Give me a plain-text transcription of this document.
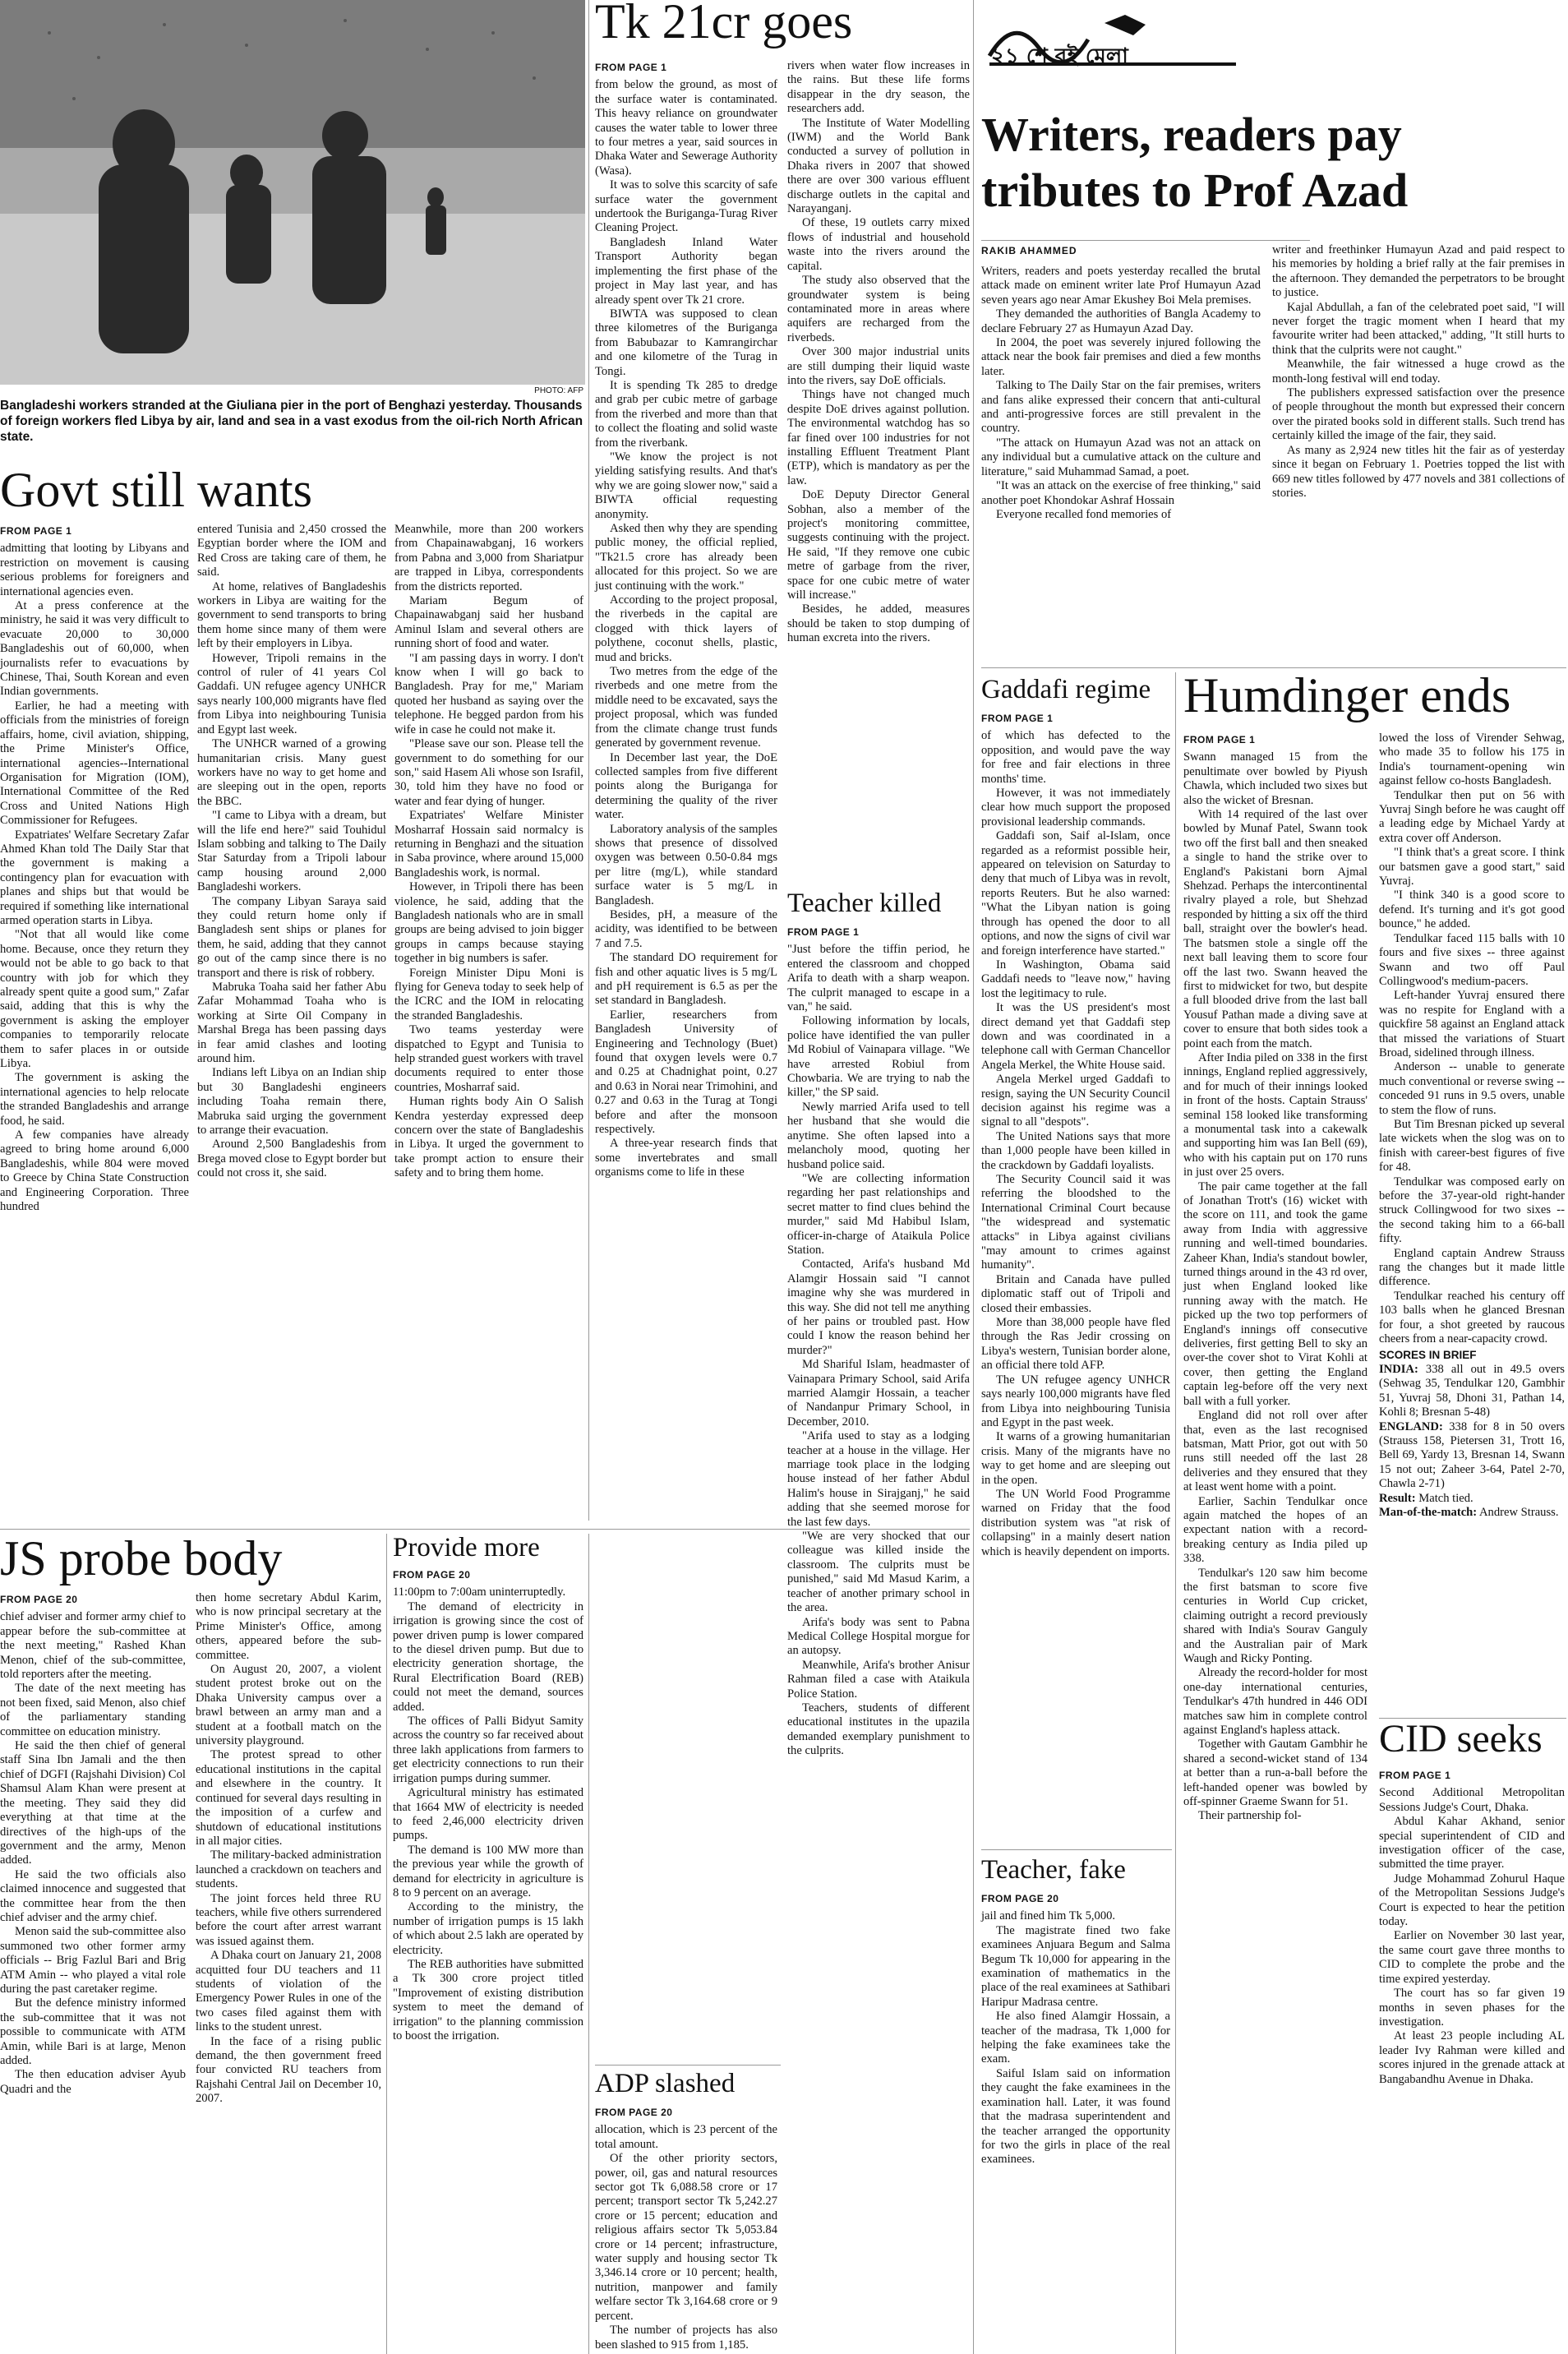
PHOTO: AFP
Bangladeshi workers stranded at the Giuliana pier in the port of Benghazi yesterday. Thousands of foreign workers fled Libya by air, land and sea in a vast exodus from the oil-rich North African state.
Govt still wants
FROM PAGE 1

admitting that looting by Libyans and restriction on movement is causing serious problems for foreigners and international agencies even.

At a press conference at the ministry, he said it was very difficult to evacuate 20,000 to 30,000 Bangladeshis out of 60,000, when journalists refer to evacuations by Chinese, Thai, South Korean and even Indian governments.

Earlier, he had a meeting with officials from the ministries of foreign affairs, home, civil aviation, shipping, the Prime Minister's Office, international agencies--International Organisation for Migration (IOM), International Committee of the Red Cross and United Nations High Commissioner for Refugees.

Expatriates' Welfare Secretary Zafar Ahmed Khan told The Daily Star that the government is making a contingency plan for evacuation with planes and ships but that would be required if something like international armed operation starts in Libya.

"Not that all would like come home. Because, once they return they would not be able to go back to that country with job for which they already spent quite a good sum," Zafar said, adding that this is why the government is asking the employer companies to temporarily relocate them to safer places in or outside Libya.

The government is asking the international agencies to help relocate the stranded Bangladeshis and arrange food, he said.

A few companies have already agreed to bring home around 6,000 Bangladeshis, while 804 were moved to Greece by China State Construction and Engineering Corporation. Three hundred

entered Tunisia and 2,450 crossed the Egyptian border where the IOM and Red Cross are taking care of them, he said.

At home, relatives of Bangladeshis workers in Libya are waiting for the government to send transports to bring them home since many of them were left by their employers in Libya.

However, Tripoli remains in the control of ruler of 41 years Col Gaddafi. UN refugee agency UNHCR says nearly 100,000 migrants have fled from Libya into neighbouring Tunisia and Egypt last week.

The UNHCR warned of a growing humanitarian crisis. Many guest workers have no way to get home and are sleeping out in the open, reports the BBC.

"I came to Libya with a dream, but will the life end here?" said Touhidul Islam sobbing and talking to The Daily Star Saturday from a Tripoli labour camp housing around 2,000 Bangladeshi workers.

The company Libyan Saraya said they could return home only if Bangladesh sent ships or planes for them, he said, adding that they cannot go out of the camp since there is no transport and there is risk of robbery.

Mabruka Toaha said her father Abu Zafar Mohammad Toaha who is working at Sirte Oil Company in Marshal Brega has been passing days in fear amid clashes and looting around him.

Indians left Libya on an Indian ship but 30 Bangladeshi engineers including Toaha remain there, Mabruka said urging the government to arrange their evacuation.

Around 2,500 Bangladeshis from Brega moved close to Egypt border but could not cross it, she said.

Meanwhile, more than 200 workers from Chapainawabganj, 16 workers from Pabna and 3,000 from Shariatpur are trapped in Libya, correspondents from the districts reported.

Mariam Begum of Chapainawabganj said her husband Aminul Islam and several others are running short of food and water.

"I am passing days in worry. I don't know when I will go back to Bangladesh. Pray for me," Mariam quoted her husband as saying over the telephone. He begged pardon from his wife in case he could not make it.

"Please save our son. Please tell the government to do something for our son," said Hasem Ali whose son Israfil, 30, told him they have no food or water and fear dying of hunger.

Expatriates' Welfare Minister Mosharraf Hossain said normalcy is returning in Benghazi and the situation in Saba province, where around 15,000 Bangladeshis work, is normal.

However, in Tripoli there has been violence, he said, adding that the Bangladesh nationals who are in small groups are being advised to join bigger groups in camps because staying together in big numbers is safer.

Foreign Minister Dipu Moni is flying for Geneva today to seek help of the ICRC and the IOM in relocating the stranded Bangladeshis.

Two teams yesterday were dispatched to Egypt and Tunisia to help stranded guest workers with travel documents required to enter those countries, Mosharraf said.

Human rights body Ain O Salish Kendra yesterday expressed deep concern over the state of Bangladeshis in Libya. It urged the government to take prompt action to ensure their safety and to bring them home.

Tk 21cr goes
FROM PAGE 1

from below the ground, as most of the surface water is contaminated. This heavy reliance on groundwater causes the water table to lower three to four metres a year, said sources in Dhaka Water and Sewerage Authority (Wasa).

It was to solve this scarcity of safe surface water the government undertook the Buriganga-Turag River Cleaning Project.

Bangladesh Inland Water Transport Authority began implementing the first phase of the project in May last year, and has already spent over Tk 21 crore.

BIWTA was supposed to clean three kilometres of the Buriganga from Babubazar to Kamrangirchar and one kilometre of the Turag in Tongi.

It is spending Tk 285 to dredge and grab per cubic metre of garbage from the riverbed and more than that to collect the floating and solid waste from the riverbank.

"We know the project is not yielding satisfying results. And that's why we are going slower now," said a BIWTA official requesting anonymity.

Asked then why they are spending public money, the official replied, "Tk21.5 crore has already been allocated for this project. So we are just continuing with the work."

According to the project proposal, the riverbeds in the capital are clogged with thick layers of polythene, coconut shells, plastic, mud and bricks.

Two metres from the edge of the riverbeds and one metre from the middle need to be excavated, says the project proposal, which was funded from the climate change trust funds generated by government revenue.

In December last year, the DoE collected samples from five different points along the Buriganga for determining the quality of the river water.

Laboratory analysis of the samples shows that presence of dissolved oxygen was between 0.50-0.84 mgs per litre (mg/L), while standard surface water is 5 mg/L in Bangladesh.

Besides, pH, a measure of the acidity, was identified to be between 7 and 7.5.

The standard DO requirement for fish and other aquatic lives is 5 mg/L and pH requirement is 6.5 as per the set standard in Bangladesh.

Earlier, researchers from Bangladesh University of Engineering and Technology (Buet) found that oxygen levels were 0.7 and 0.25 at Chadnighat point, 0.27 and 0.63 in Norai near Trimohini, and 0.27 and 0.63 in the Turag at Tongi before and after the monsoon respectively.

A three-year research finds that some invertebrates and small organisms come to life in these

rivers when water flow increases in the rains. But these life forms disappear in the dry season, the researchers add.

The Institute of Water Modelling (IWM) and the World Bank conducted a survey of pollution in Dhaka rivers in 2007 that showed there are over 300 various effluent discharge outlets in the capital and Narayanganj.

Of these, 19 outlets carry mixed flows of industrial and household waste into the rivers around the capital.

The study also observed that the groundwater system is being contaminated more in areas where aquifers are recharged from the riverbeds.

Over 300 major industrial units are still dumping their liquid waste into the rivers, say DoE officials.

Things have not changed much despite DoE drives against pollution. The environmental watchdog has so far fined over 100 industries for not installing Effluent Treatment Plant (ETP), which is mandatory as per the law.

DoE Deputy Director General Sobhan, also a member of the project's monitoring committee, suggests continuing with the project. He said, "If they remove one cubic metre of garbage from the river, space for one cubic metre of water will increase."

Besides, he added, measures should be taken to stop dumping of human excreta into the rivers.

Teacher killed
FROM PAGE 1

"Just before the tiffin period, he entered the classroom and chopped Arifa to death with a sharp weapon. The culprit managed to escape in a van," he said.

Following information by locals, police have identified the van puller Md Robiul of Vainapara village. "We have arrested Robiul from Chowbaria. We are trying to nab the killer," the SP said.

Newly married Arifa used to tell her husband that she would die anytime. She often lapsed into a melancholy mood, quoting her husband police said.

"We are collecting information regarding her past relationships and secret matter to find clues behind the murder," said Md Habibul Islam, officer-in-charge of Ataikula Police Station.

Contacted, Arifa's husband Md Alamgir Hossain said "I cannot imagine why she was murdered in this way. She did not tell me anything of her pains or troubled past. How could I know the reason behind her murder?"

Md Shariful Islam, headmaster of Vainapara Primary School, said Arifa married Alamgir Hossain, a teacher of Nandanpur Primary School, in December, 2010.

"Arifa used to stay as a lodging teacher at a house in the village. Her marriage took place in the lodging house instead of her father Abdul Halim's house in Sirajganj," he said adding that she seemed morose for the last few days.

"We are very shocked that our colleague was killed inside the classroom. The culprits must be punished," said Md Masud Karim, a teacher of another primary school in the area.

Arifa's body was sent to Pabna Medical College Hospital morgue for an autopsy.

Meanwhile, Arifa's brother Anisur Rahman filed a case with Ataikula Police Station.

Teachers, students of different educational institutes in the upazila demanded exemplary punishment to the culprits.

২১ শে বই মেলা
Writers, readers pay
tributes to Prof Azad
RAKIB AHAMMED

Writers, readers and poets yesterday recalled the brutal attack made on eminent writer late Prof Humayun Azad seven years ago near Amar Ekushey Boi Mela premises.

They demanded the authorities of Bangla Academy to declare February 27 as Humayun Azad Day.

In 2004, the poet was severely injured following the attack near the book fair premises and died a few months later.

Talking to The Daily Star on the fair premises, writers and fans alike expressed their concern that anti-cultural and anti-progressive forces are still prevalent in the country.

"The attack on Humayun Azad was not an attack on any individual but a cumulative attack on the culture and literature," said Muhammad Samad, a poet.

"It was an attack on the exercise of free thinking," said another poet Khondokar Ashraf Hossain

Everyone recalled fond memories of

writer and freethinker Humayun Azad and paid respect to his memories by holding a brief rally at the fair premises in the afternoon. They demanded the perpetrators to be brought to justice.

Kajal Abdullah, a fan of the celebrated poet said, "I will never forget the tragic moment when I heard that my favourite writer had been attacked," adding, "It still hurts to think that the culprits were not caught."

Meanwhile, the fair witnessed a huge crowd as the month-long festival will end today.

The publishers expressed satisfaction over the presence of people throughout the month but expressed their concern over the pirated books sold in different stalls. Such trend has certainly killed the image of the fair, they said.

As many as 2,924 new titles hit the fair as of yesterday since it began on February 1. Poetries topped the list with 669 new titles followed by 477 novels and 381 collections of stories.

Gaddafi regime
FROM PAGE 1

of which has defected to the opposition, and would pave the way for free and fair elections in three months' time.

However, it was not immediately clear how much support the proposed provisional leadership commands.

Gaddafi son, Saif al-Islam, once regarded as a reformist possible heir, appeared on television on Saturday to deny that much of Libya was in revolt, reports Reuters. But he also warned: "What the Libyan nation is going through has opened the door to all options, and now the signs of civil war and foreign interference have started."

In Washington, Obama said Gaddafi needs to "leave now," having lost the legitimacy to rule.

It was the US president's most direct demand yet that Gaddafi step down and was coordinated in a telephone call with German Chancellor Angela Merkel, the White House said.

Angela Merkel urged Gaddafi to resign, saying the UN Security Council decision against his regime was a signal to all "despots".

The United Nations says that more than 1,000 people have been killed in the crackdown by Gaddafi loyalists.

The Security Council said it was referring the bloodshed to the International Criminal Court because "the widespread and systematic attacks" in Libya against civilians "may amount to crimes against humanity".

Britain and Canada have pulled diplomatic staff out of Tripoli and closed their embassies.

More than 38,000 people have fled through the Ras Jedir crossing on Libya's western, Tunisian border alone, an official there told AFP.

The UN refugee agency UNHCR says nearly 100,000 migrants have fled from Libya into neighbouring Tunisia and Egypt in the past week.

It warns of a growing humanitarian crisis. Many of the migrants have no way to get home and are sleeping out in the open.

The UN World Food Programme warned on Friday that the food distribution system was "at risk of collapsing" in a mainly desert nation which is heavily dependent on imports.

Teacher, fake
FROM PAGE 20

jail and fined him Tk 5,000.

The magistrate fined two fake examinees Anjuara Begum and Salma Begum Tk 10,000 for appearing in the examination of mathematics in the place of the real examinees at Sathibari Haripur Madrasa centre.

He also fined Alamgir Hossain, a teacher of the madrasa, Tk 1,000 for helping the fake examinees take the exam.

Saiful Islam said on information they caught the fake examinees in the examination hall. Later, it was found that the madrasa superintendent and the teacher arranged the opportunity for two the girls in place of the real examinees.

Humdinger ends
FROM PAGE 1

Swann managed 15 from the penultimate over bowled by Piyush Chawla, which included two sixes but also the wicket of Bresnan.

With 14 required of the last over bowled by Munaf Patel, Swann took two off the first ball and then sneaked a single to hand the strike over to England's Pakistani born Ajmal Shehzad. Perhaps the intercontinental rivalry played a role, but Shehzad responded by hitting a six off the third ball, straight over the bowler's head. The batsmen stole a single off the next ball leaving them to score four off the last two. Swann heaved the first to midwicket for two, but despite a full blooded drive from the last ball Yousuf Pathan made a diving save at cover to ensure that both sides took a point each from the match.

After India piled on 338 in the first innings, England replied aggressively, and for much of their innings looked in front of the hosts. Captain Strauss' seminal 158 looked like transforming a monumental task into a cakewalk and supporting him was Ian Bell (69), who with his captain put on 170 runs in just over 25 overs.

The pair came together at the fall of Jonathan Trott's (16) wicket with the score on 111, and took the game away from India with aggressive running and well-timed boundaries. Zaheer Khan, India's standout bowler, turned things around in the 43 rd over, just when England looked like running away with the match. He picked up the two top performers of England's innings off consecutive deliveries, first getting Bell to sky an over-the cover shot to Virat Kohli at cover, then getting the England captain leg-before off the very next ball with a full yorker.

England did not roll over after that, even as the last recognised batsman, Matt Prior, got out with 50 runs still needed off the last 28 deliveries and they ensured that they at least went home with a point.

Earlier, Sachin Tendulkar once again matched the hopes of an expectant nation with a record-breaking century as India piled up 338.

Tendulkar's 120 saw him become the first batsman to score five centuries in World Cup cricket, claiming outright a record previously shared with India's Sourav Ganguly and the Australian pair of Mark Waugh and Ricky Ponting.

Already the record-holder for most one-day international centuries, Tendulkar's 47th hundred in 446 ODI matches saw him in complete control against England's hapless attack.

Together with Gautam Gambhir he shared a second-wicket stand of 134 at better than a run-a-ball before the left-handed opener was bowled by off-spinner Graeme Swann for 51.

Their partnership fol-

lowed the loss of Virender Sehwag, who made 35 to follow his 175 in India's tournament-opening win against fellow co-hosts Bangladesh.

Tendulkar then put on 56 with Yuvraj Singh before he was caught off a leading edge by Michael Yardy at extra cover off Anderson.

"I think that's a great score. I think our batsmen gave a good start," said Yuvraj.

"I think 340 is a good score to defend. It's turning and it's got good bounce," he added.

Tendulkar faced 115 balls with 10 fours and five sixes -- three against Swann and two off Paul Collingwood's medium-pacers.

Left-hander Yuvraj ensured there was no respite for England with a quickfire 58 against an England attack that missed the variations of Stuart Broad, sidelined through illness.

Anderson -- unable to generate much conventional or reverse swing -- conceded 91 runs in 9.5 overs, unable to stem the flow of runs.

But Tim Bresnan picked up several late wickets when the slog was on to finish with career-best figures of five for 48.

Tendulkar was composed early on before the 37-year-old right-hander struck Collingwood for two sixes -- the second taking him to a 66-ball fifty.

England captain Andrew Strauss rang the changes but it made little difference.

Tendulkar reached his century off 103 balls when he glanced Bresnan for four, a shot greeted by raucous cheers from a near-capacity crowd.

SCORES IN BRIEF

INDIA: 338 all out in 49.5 overs (Sehwag 35, Tendulkar 120, Gambhir 51, Yuvraj 58, Dhoni 31, Pathan 14, Kohli 8; Bresnan 5-48)

ENGLAND: 338 for 8 in 50 overs (Strauss 158, Pietersen 31, Trott 16, Bell 69, Yardy 13, Bresnan 14, Swann 15 not out; Zaheer 3-64, Patel 2-70, Chawla 2-71)

Result: Match tied.

Man-of-the-match: Andrew Strauss.

CID seeks
FROM PAGE 1

Second Additional Metropolitan Sessions Judge's Court, Dhaka.

Abdul Kahar Akhand, senior special superintendent of CID and investigation officer of the case, submitted the time prayer.

Judge Mohammad Zohurul Haque of the Metropolitan Sessions Judge's Court is expected to hear the petition today.

Earlier on November 30 last year, the same court gave three months to CID to complete the probe and the time expired yesterday.

The court has so far given 19 months in seven phases for the investigation.

At least 23 people including AL leader Ivy Rahman were killed and scores injured in the grenade attack at Bangabandhu Avenue in Dhaka.

JS probe body
FROM PAGE 20

chief adviser and former army chief to appear before the sub-committee at the next meeting," Rashed Khan Menon, chief of the sub-committee, told reporters after the meeting.

The date of the next meeting has not been fixed, said Menon, also chief of the parliamentary standing committee on education ministry.

He said the then chief of general staff Sina Ibn Jamali and the then chief of DGFI (Rajshahi Division) Col Shamsul Alam Khan were present at the meeting. They said they did everything at that time at the directives of the high-ups of the government and the army, Menon added.

He said the two officials also claimed innocence and suggested that the committee hear from the then chief adviser and the army chief.

Menon said the sub-committee also summoned two other former army officials -- Brig Fazlul Bari and Brig ATM Amin -- who played a vital role during the past caretaker regime.

But the defence ministry informed the sub-committee that it was not possible to communicate with ATM Amin, while Bari is at large, Menon added.

The then education adviser Ayub Quadri and the

then home secretary Abdul Karim, who is now principal secretary at the Prime Minister's Office, among others, appeared before the sub-committee.

On August 20, 2007, a violent student protest broke out on the Dhaka University campus over a brawl between an army man and a student at a football match on the university playground.

The protest spread to other educational institutions in the capital and elsewhere in the country. It continued for several days resulting in the imposition of a curfew and shutdown of educational institutions in all major cities.

The military-backed administration launched a crackdown on teachers and students.

The joint forces held three RU teachers, while five others surrendered before the court after arrest warrant was issued against them.

A Dhaka court on January 21, 2008 acquitted four DU teachers and 11 students of violation of the Emergency Power Rules in one of the two cases filed against them with links to the student unrest.

In the face of a rising public demand, the then government freed four convicted RU teachers from Rajshahi Central Jail on December 10, 2007.

Provide more
FROM PAGE 20

11:00pm to 7:00am uninterruptedly.

The demand of electricity in irrigation is growing since the cost of power driven pump is lower compared to the diesel driven pump. But due to electricity generation shortage, the Rural Electrification Board (REB) could not meet the demand, sources added.

The offices of Palli Bidyut Samity across the country so far received about three lakh applications from farmers to get electricity connections to run their irrigation pumps during summer.

Agricultural ministry has estimated that 1664 MW of electricity is needed to feed 2,46,000 electricity driven pumps.

The demand is 100 MW more than the previous year while the growth of demand for electricity in agriculture is 8 to 9 percent on an average.

According to the ministry, the number of irrigation pumps is 15 lakh of which about 2.5 lakh are operated by electricity.

The REB authorities have submitted a Tk 300 crore project titled "Improvement of existing distribution system to meet the demand of irrigation" to the planning commission to boost the irrigation.

ADP slashed
FROM PAGE 20

allocation, which is 23 percent of the total amount.

Of the other priority sectors, power, oil, gas and natural resources sector got Tk 6,088.58 crore or 17 percent; transport sector Tk 5,242.27 crore or 15 percent; education and religious affairs sector Tk 5,053.84 crore or 14 percent; infrastructure, water supply and housing sector Tk 3,346.14 crore or 10 percent; health, nutrition, manpower and family welfare sector Tk 3,164.68 crore or 9 percent.

The number of projects has also been slashed to 915 from 1,185.
